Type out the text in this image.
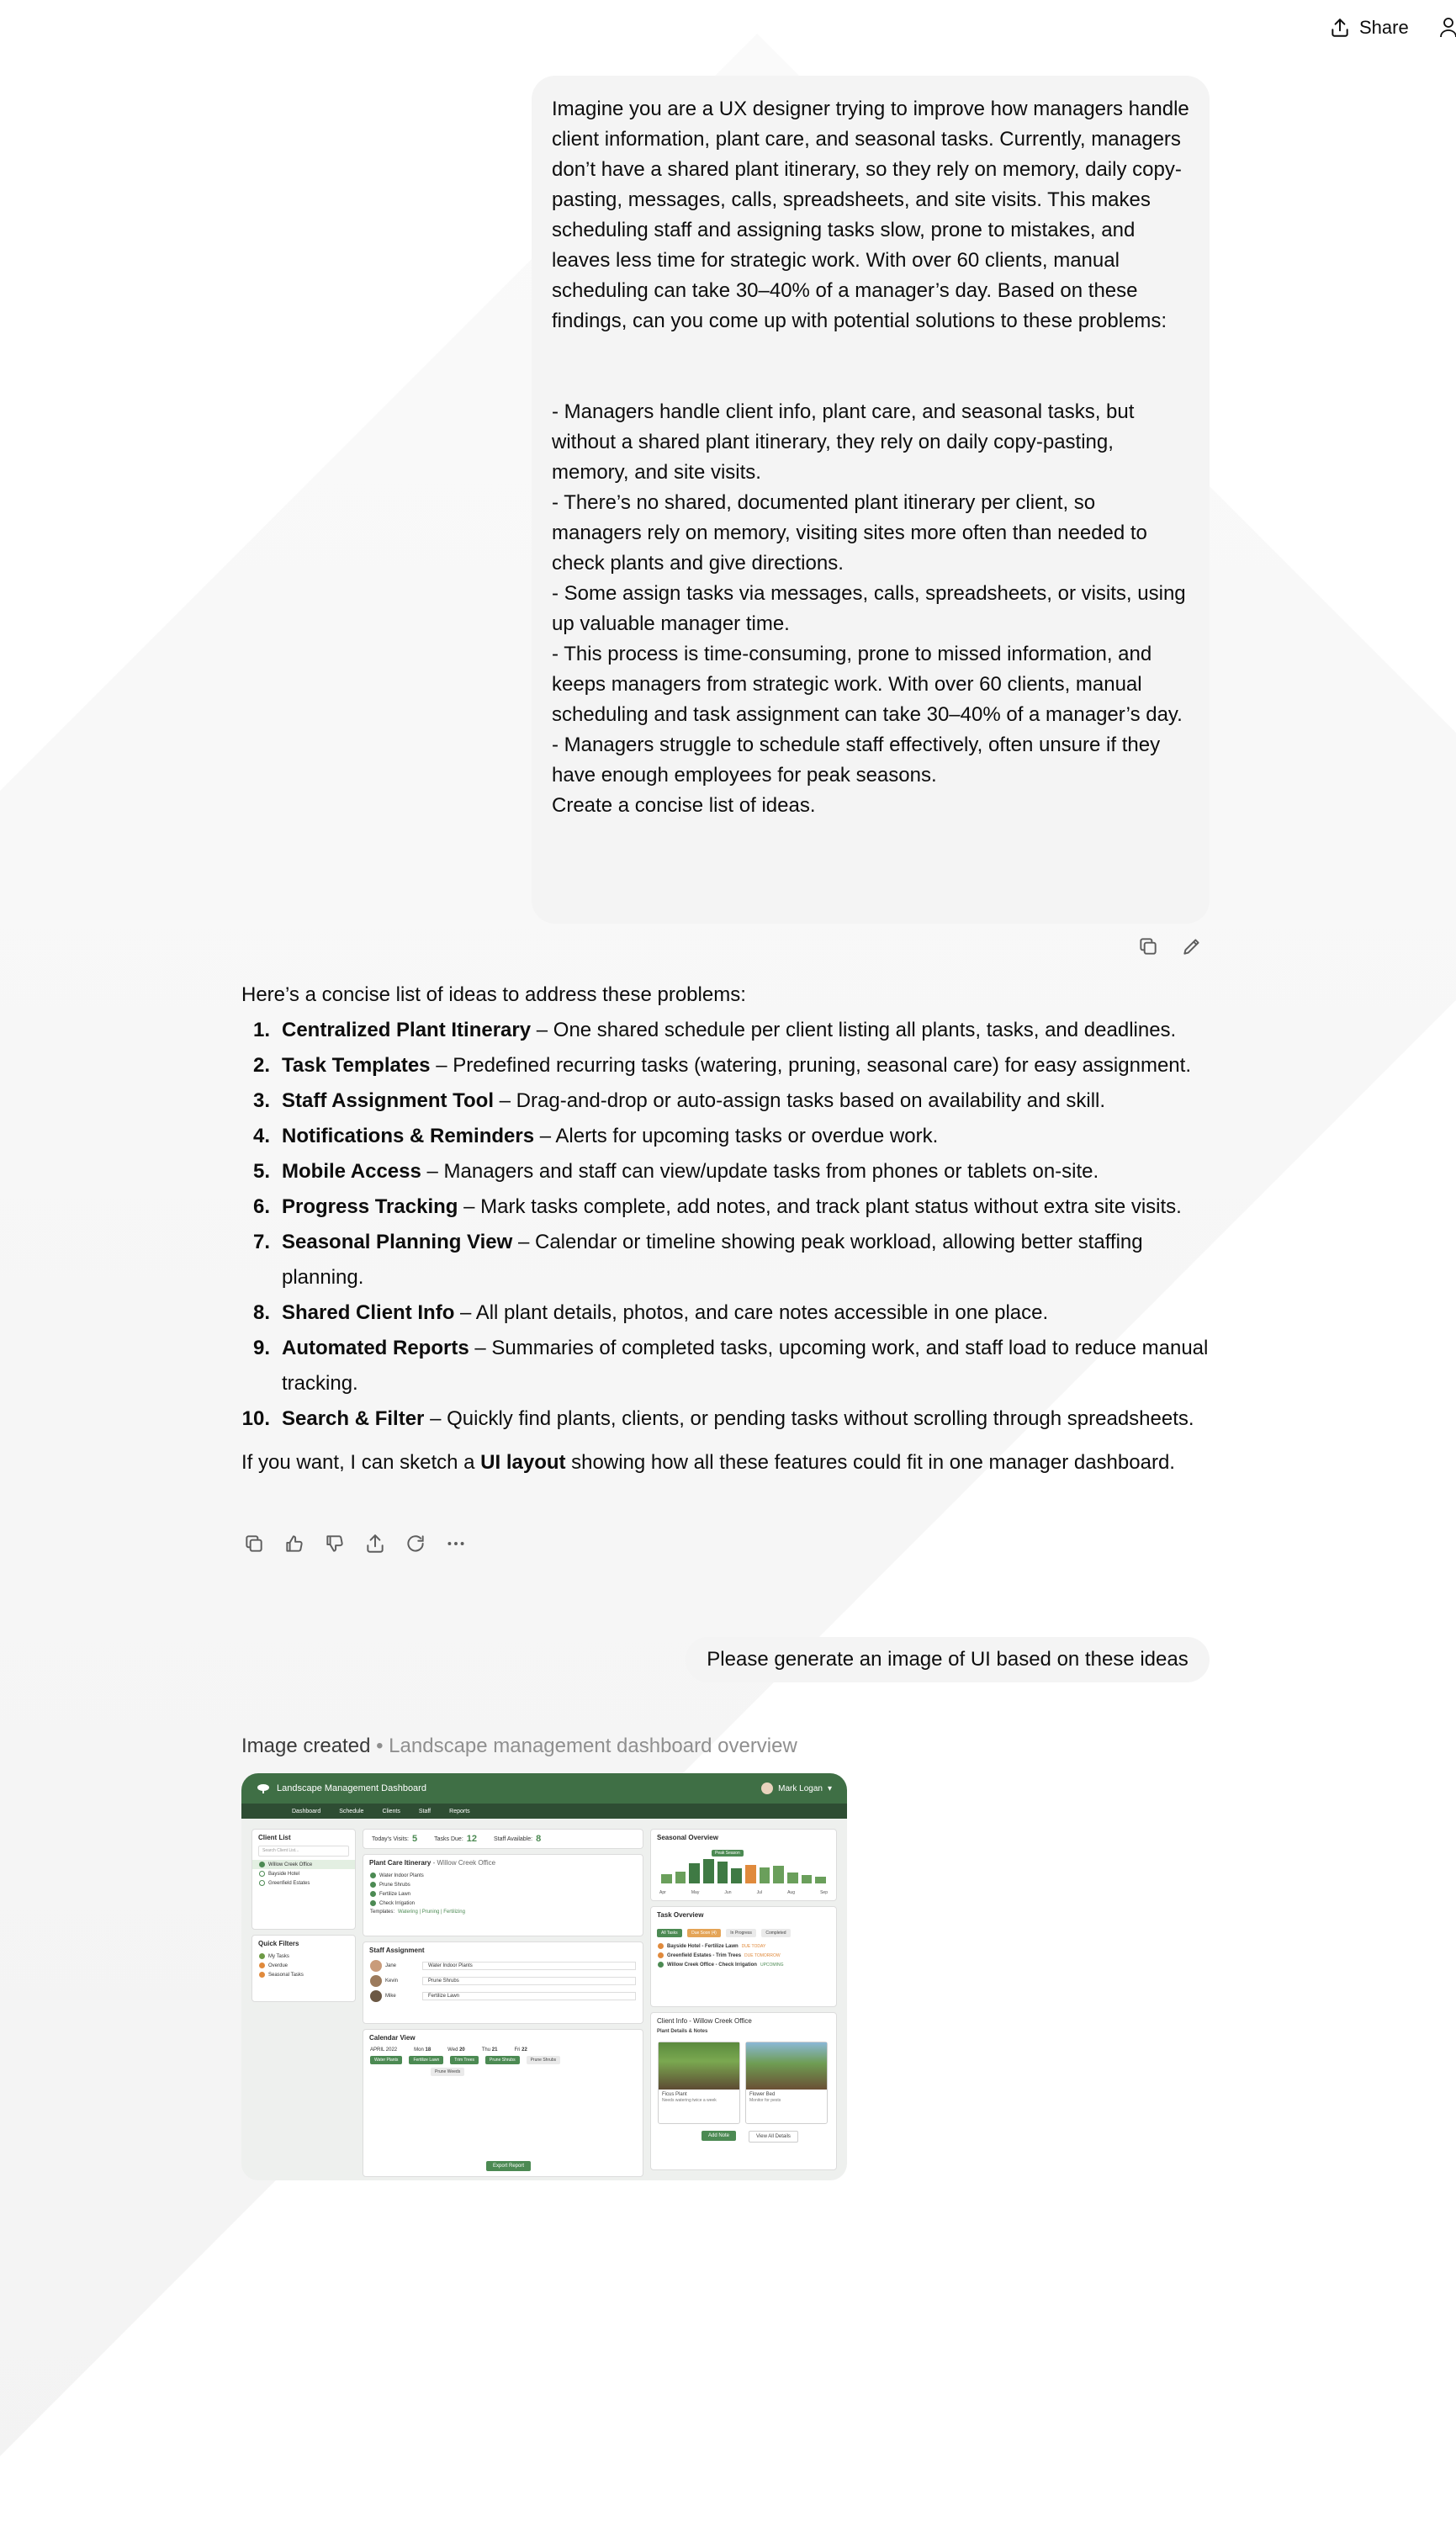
Share

Imagine you are a UX designer trying to improve how managers handle client information, plant care, and seasonal tasks. Currently, managers don’t have a shared plant itinerary, so they rely on memory, daily copy-pasting, messages, calls, spreadsheets, and site visits. This makes scheduling staff and assigning tasks slow, prone to mistakes, and leaves less time for strategic work. With over 60 clients, manual scheduling can take 30–40% of a manager’s day. Based on these findings, can you come up with potential solutions to these problems:

- Managers handle client info, plant care, and seasonal tasks, but without a shared plant itinerary, they rely on daily copy-pasting, memory, and site visits.

- There’s no shared, documented plant itinerary per client, so managers rely on memory, visiting sites more often than needed to check plants and give directions.

- Some assign tasks via messages, calls, spreadsheets, or visits, using up valuable manager time.

- This process is time-consuming, prone to missed information, and keeps managers from strategic work. With over 60 clients, manual scheduling and task assignment can take 30–40% of a manager’s day.

- Managers struggle to schedule staff effectively, often unsure if they have enough employees for peak seasons.

Create a concise list of ideas.

Here’s a concise list of ideas to address these problems:

1. Centralized Plant Itinerary – One shared schedule per client listing all plants, tasks, and deadlines.
2. Task Templates – Predefined recurring tasks (watering, pruning, seasonal care) for easy assignment.
3. Staff Assignment Tool – Drag-and-drop or auto-assign tasks based on availability and skill.
4. Notifications & Reminders – Alerts for upcoming tasks or overdue work.
5. Mobile Access – Managers and staff can view/update tasks from phones or tablets on-site.
6. Progress Tracking – Mark tasks complete, add notes, and track plant status without extra site visits.
7. Seasonal Planning View – Calendar or timeline showing peak workload, allowing better staffing planning.
8. Shared Client Info – All plant details, photos, and care notes accessible in one place.
9. Automated Reports – Summaries of completed tasks, upcoming work, and staff load to reduce manual tracking.
10. Search & Filter – Quickly find plants, clients, or pending tasks without scrolling through spreadsheets.

If you want, I can sketch a UI layout showing how all these features could fit in one manager dashboard.

Please generate an image of UI based on these ideas
Image created • Landscape management dashboard overview
Landscape Management Dashboard	Mark Logan ▾
Dashboard	Schedule	Clients	Staff	Reports
Client List
Search Client List...
Willow Creek Office
Bayside Hotel
Greenfield Estates
Quick Filters
My Tasks
Overdue
Seasonal Tasks
Today's Visits: 5	Tasks Due: 12	Staff Available: 8
Plant Care Itinerary - Willow Creek Office
Water Indoor Plants
Prune Shrubs
Fertilize Lawn
Check Irrigation
Templates: Watering | Pruning | Fertilizing
Staff Assignment
Jane	Water Indoor Plants
Kevin	Prune Shrubs
Mike	Fertilize Lawn
Calendar View
APRIL 2022	Mon 18	Wed 20	Thu 21	Fri 22
Water Plants	Fertilize Lawn	Trim Trees	Prune Shrubs	Prune Shrubs
Prune Weeds
Export Report
Seasonal Overview
Peak Season
Apr	May	Jun	Jul	Aug	Sep
Task Overview
All Tasks	Due Soon (4)	In Progress	Completed
Bayside Hotel - Fertilize Lawn DUE TODAY
Greenfield Estates - Trim Trees DUE TOMORROW
Willow Creek Office - Check Irrigation UPCOMING
Client Info - Willow Creek Office
Plant Details & Notes
Ficus Plant
Needs watering twice a week
Flower Bed
Monitor for pests
Add Note	View All Details
